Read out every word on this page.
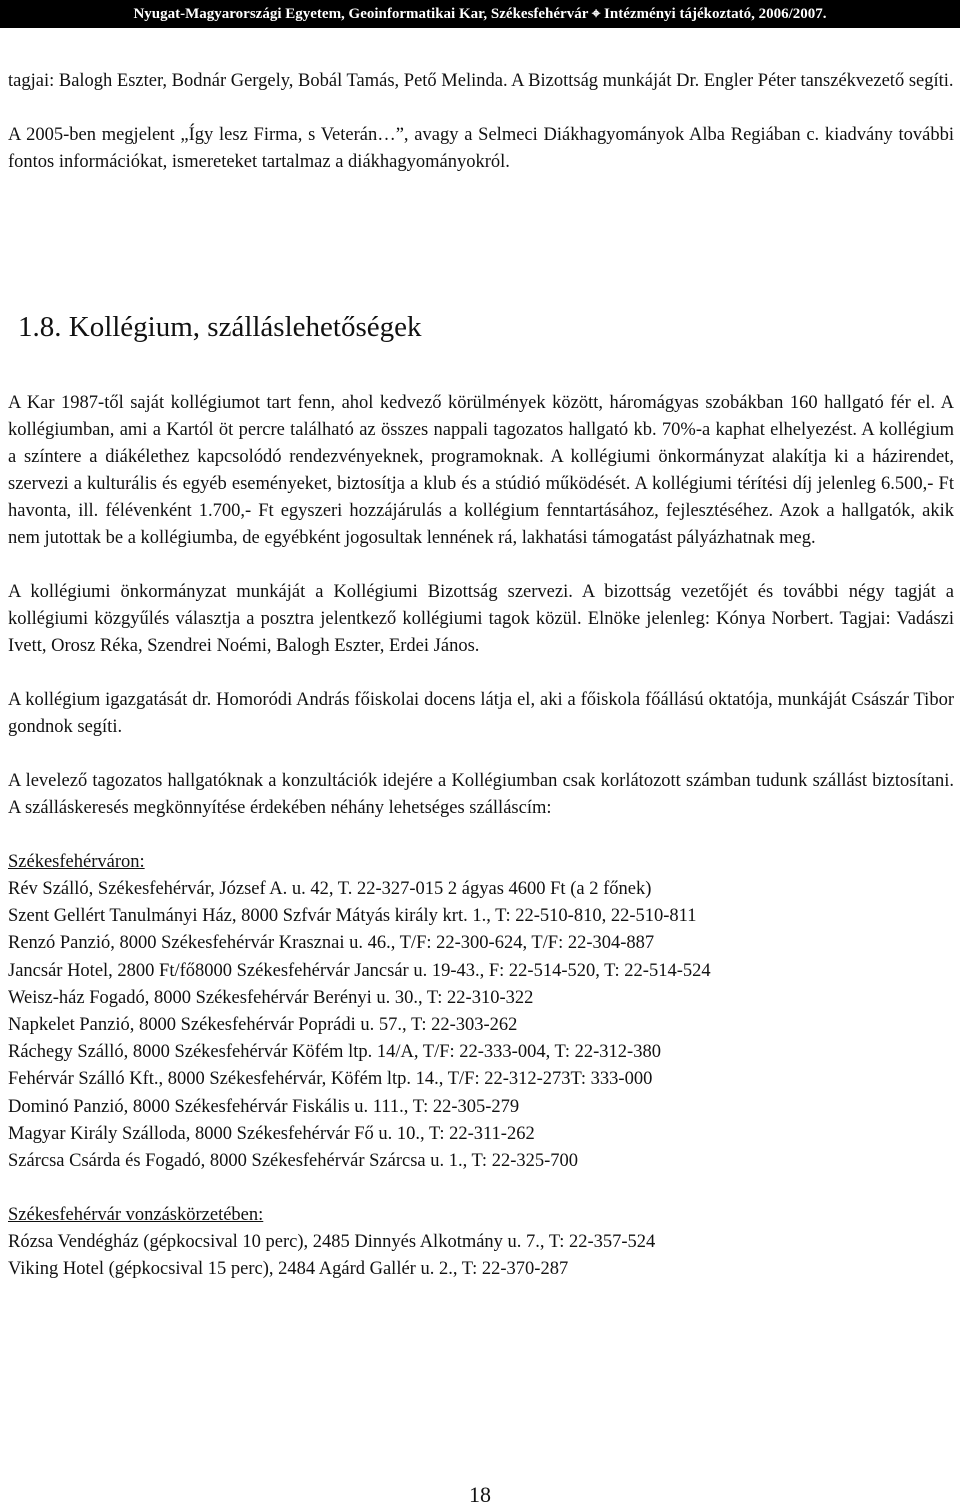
Nyugat-Magyarországi Egyetem, Geoinformatikai Kar, Székesfehérvár ⌖ Intézményi tájékoztató, 2006/2007.

tagjai: Balogh Eszter, Bodnár Gergely, Bobál Tamás, Pető Melinda. A Bizottság munkáját Dr. Engler Péter tanszékvezető segíti.

A 2005-ben megjelent „Így lesz Firma, s Veterán…”, avagy a Selmeci Diákhagyományok Alba Regiában c. kiadvány további fontos információkat, ismereteket tartalmaz a diákhagyományokról.

1.8. Kollégium, szálláslehetőségek

A Kar 1987-től saját kollégiumot tart fenn, ahol kedvező körülmények között, háromágyas szobákban 160 hallgató fér el. A kollégiumban, ami a Kartól öt percre található az összes nappali tagozatos hallgató kb. 70%-a kaphat elhelyezést. A kollégium a színtere a diákélethez kapcsolódó rendezvényeknek, programoknak. A kollégiumi önkormányzat alakítja ki a házirendet, szervezi a kulturális és egyéb eseményeket, biztosítja a klub és a stúdió működését. A kollégiumi térítési díj jelenleg 6.500,- Ft havonta, ill. félévenként 1.700,- Ft egyszeri hozzájárulás a kollégium fenntartásához, fejlesztéséhez. Azok a hallgatók, akik nem jutottak be a kollégiumba, de egyébként jogosultak lennének rá, lakhatási támogatást pályázhatnak meg.

A kollégiumi önkormányzat munkáját a Kollégiumi Bizottság szervezi. A bizottság vezetőjét és további négy tagját a kollégiumi közgyűlés választja a posztra jelentkező kollégiumi tagok közül. Elnöke jelenleg: Kónya Norbert. Tagjai: Vadászi Ivett, Orosz Réka, Szendrei Noémi, Balogh Eszter, Erdei János.

A kollégium igazgatását dr. Homoródi András főiskolai docens látja el, aki a főiskola főállású oktatója, munkáját Császár Tibor gondnok segíti.

A levelező tagozatos hallgatóknak a konzultációk idejére a Kollégiumban csak korlátozott számban tudunk szállást biztosítani. A szálláskeresés megkönnyítése érdekében néhány lehetséges szálláscím:

Székesfehérváron:

Rév Szálló, Székesfehérvár, József A. u. 42, T. 22-327-015 2 ágyas 4600 Ft (a 2 főnek)

Szent Gellért Tanulmányi Ház, 8000 Szfvár Mátyás király krt. 1., T: 22-510-810, 22-510-811

Renzó Panzió, 8000 Székesfehérvár Krasznai u. 46., T/F: 22-300-624, T/F: 22-304-887

Jancsár Hotel, 2800 Ft/fő8000 Székesfehérvár Jancsár u. 19-43., F: 22-514-520, T: 22-514-524

Weisz-ház Fogadó, 8000 Székesfehérvár Berényi u. 30., T: 22-310-322

Napkelet Panzió, 8000 Székesfehérvár Poprádi u. 57., T: 22-303-262

Ráchegy Szálló, 8000 Székesfehérvár Köfém ltp. 14/A, T/F: 22-333-004, T: 22-312-380

Fehérvár Szálló Kft., 8000 Székesfehérvár, Köfém ltp. 14., T/F: 22-312-273T: 333-000

Dominó Panzió, 8000 Székesfehérvár Fiskális u. 111., T: 22-305-279

Magyar Király Szálloda, 8000 Székesfehérvár Fő u. 10., T: 22-311-262

Szárcsa Csárda és Fogadó, 8000 Székesfehérvár Szárcsa u. 1., T: 22-325-700

Székesfehérvár vonzáskörzetében:

Rózsa Vendégház (gépkocsival 10 perc), 2485 Dinnyés Alkotmány u. 7., T: 22-357-524

Viking Hotel (gépkocsival 15 perc), 2484 Agárd Gallér u. 2., T: 22-370-287

18
